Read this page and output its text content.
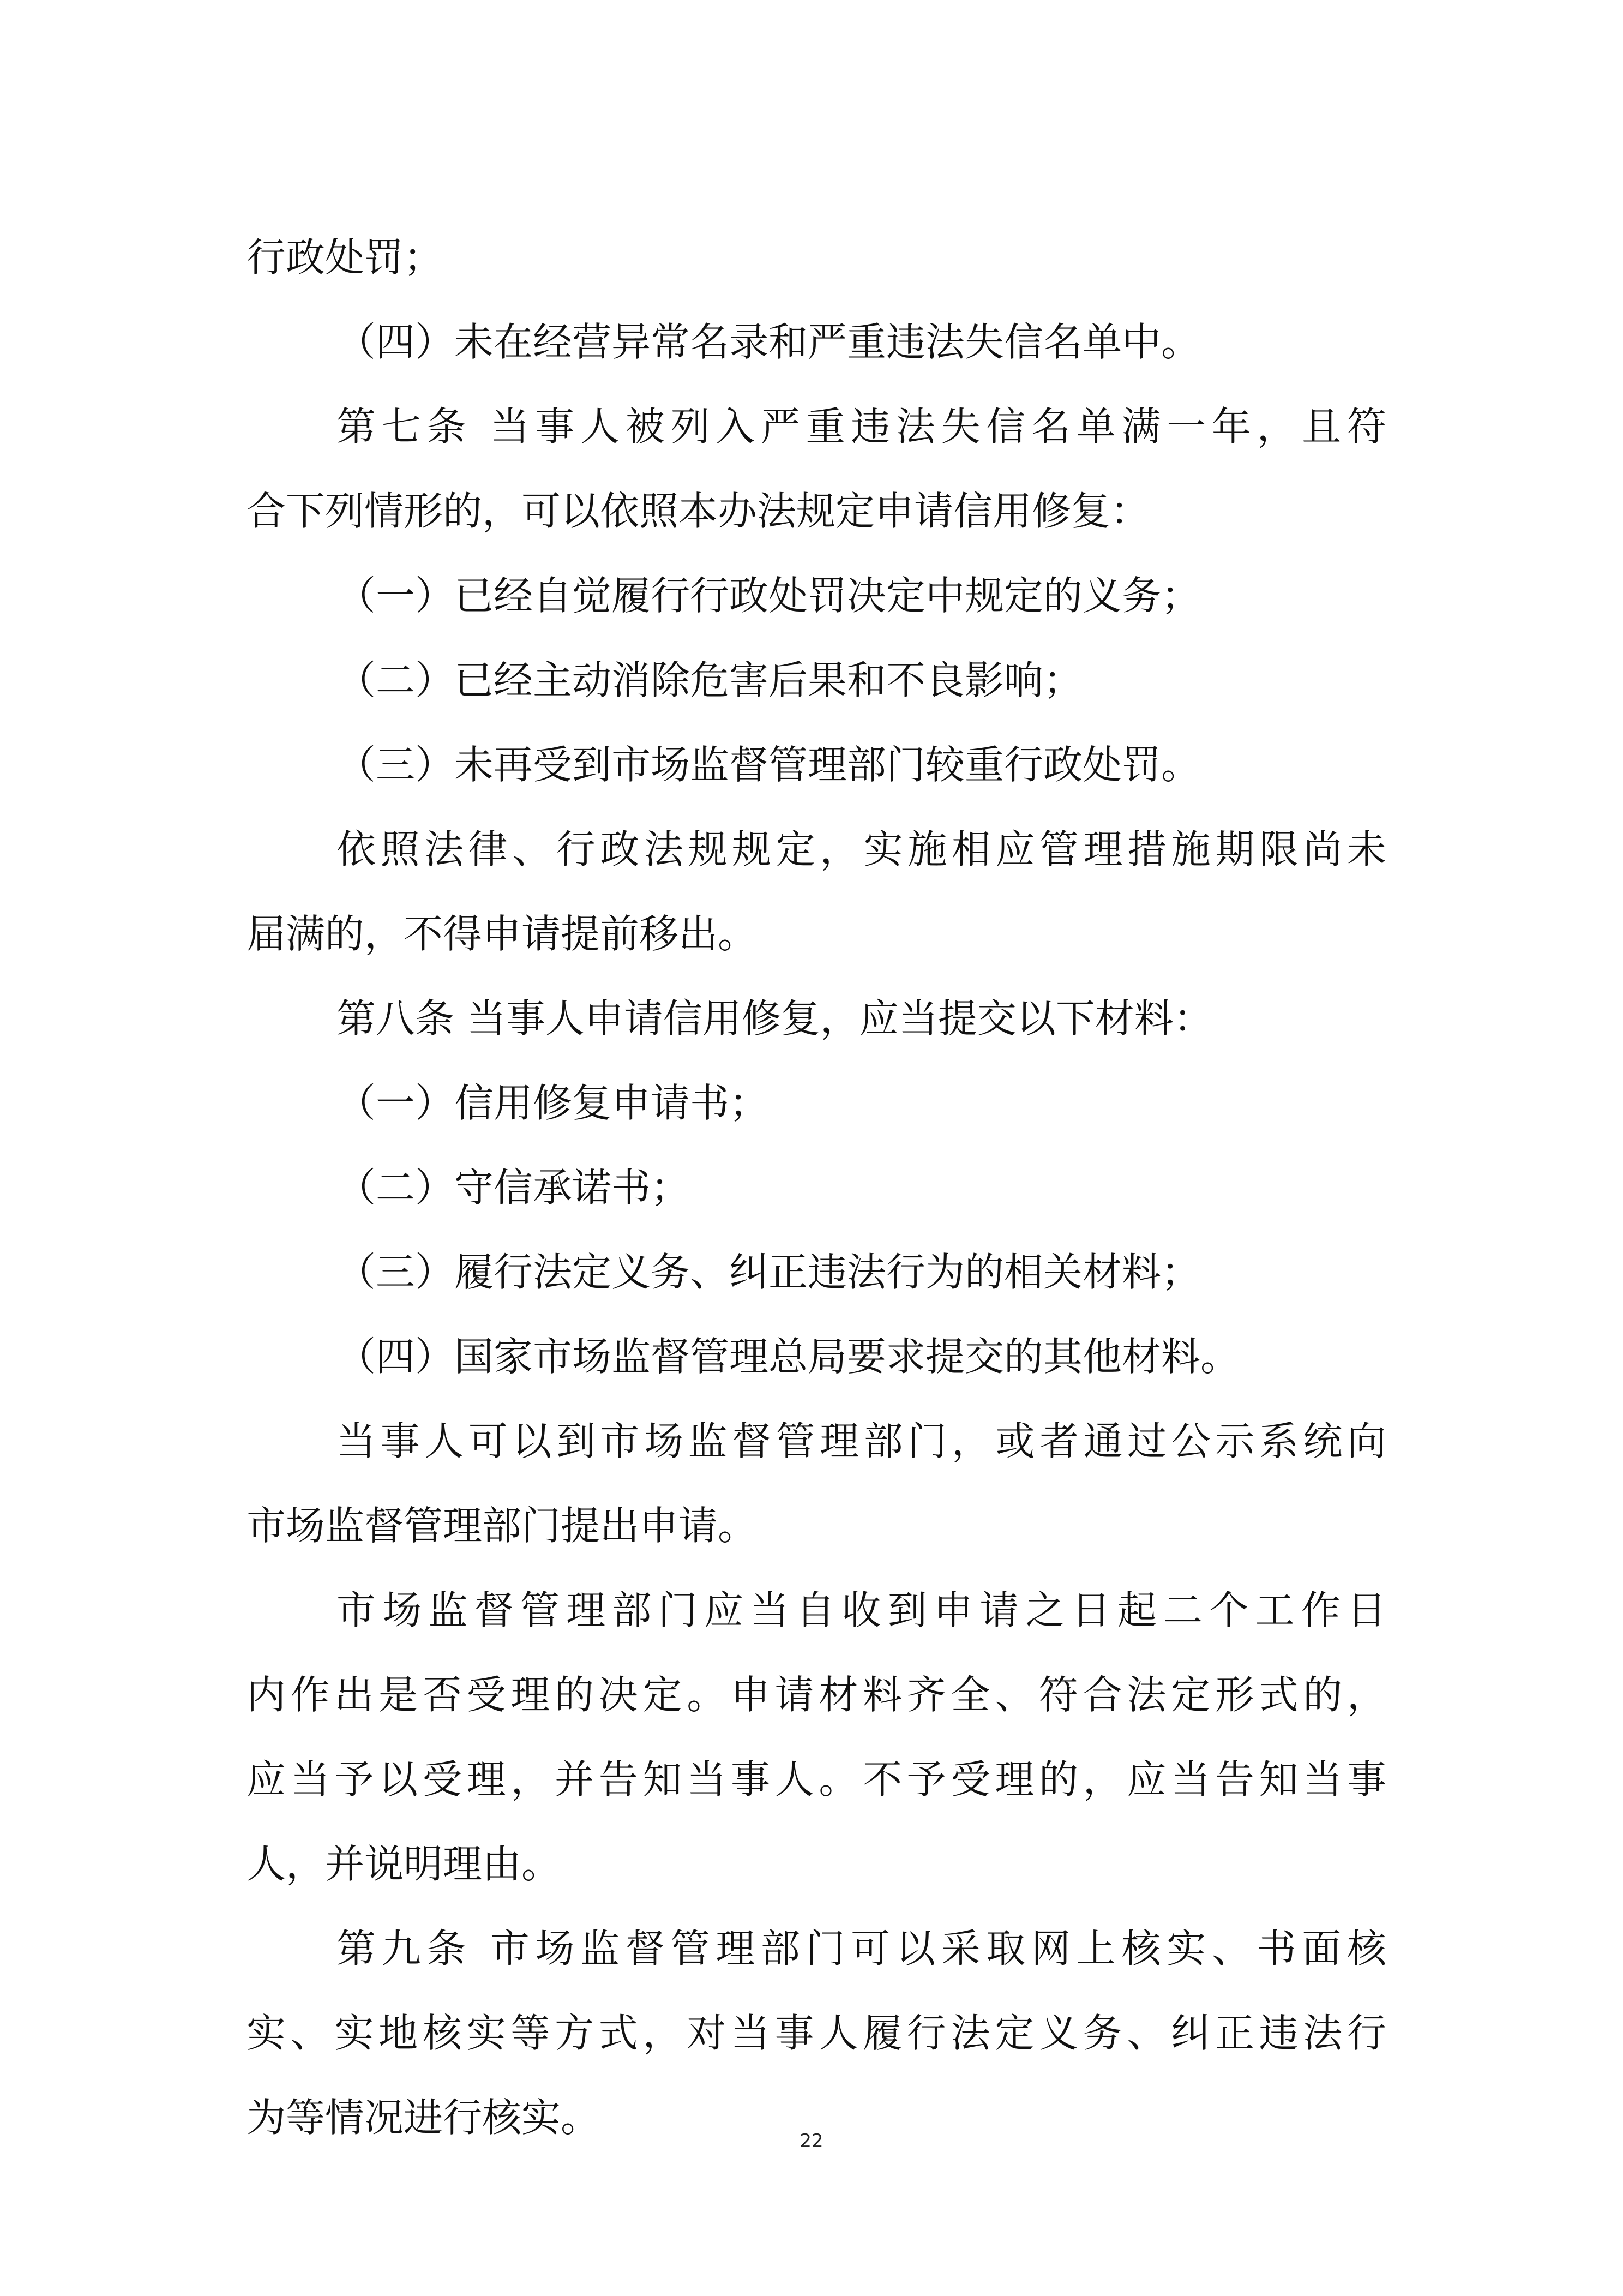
行政处罚；
（四）未在经营异常名录和严重违法失信名单中。
第七条 当事人被列入严重违法失信名单满一年，且符
合下列情形的，可以依照本办法规定申请信用修复：
（一）已经自觉履行行政处罚决定中规定的义务；
（二）已经主动消除危害后果和不良影响；
（三）未再受到市场监督管理部门较重行政处罚。
依照法律、行政法规规定，实施相应管理措施期限尚未
届满的，不得申请提前移出。
第八条 当事人申请信用修复，应当提交以下材料：
（一）信用修复申请书；
（二）守信承诺书；
（三）履行法定义务、纠正违法行为的相关材料；
（四）国家市场监督管理总局要求提交的其他材料。
当事人可以到市场监督管理部门，或者通过公示系统向
市场监督管理部门提出申请。
市场监督管理部门应当自收到申请之日起二个工作日
内作出是否受理的决定。申请材料齐全、符合法定形式的，
应当予以受理，并告知当事人。不予受理的，应当告知当事
人，并说明理由。
第九条 市场监督管理部门可以采取网上核实、书面核
实、实地核实等方式，对当事人履行法定义务、纠正违法行
为等情况进行核实。
22
